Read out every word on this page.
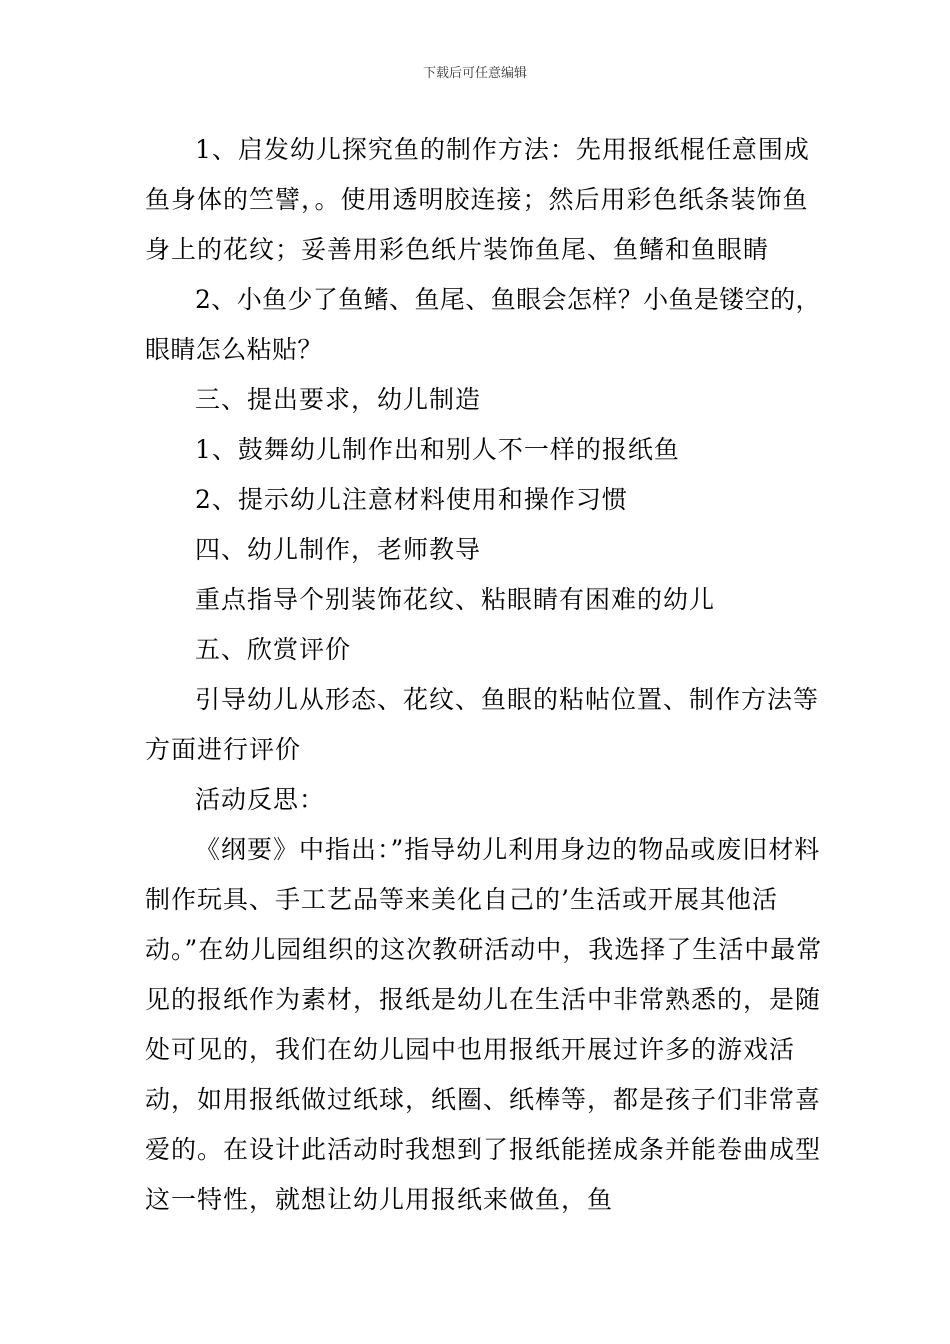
下载后可任意编辑

1、启发幼儿探究鱼的制作方法：先用报纸棍任意围成鱼身体的竺譬，。使用透明胶连接；然后用彩色纸条装饰鱼身上的花纹；妥善用彩色纸片装饰鱼尾、鱼鳍和鱼眼睛

2、小鱼少了鱼鳍、鱼尾、鱼眼会怎样？小鱼是镂空的，眼睛怎么粘贴？

三、提出要求，幼儿制造

1、鼓舞幼儿制作出和别人不一样的报纸鱼

2、提示幼儿注意材料使用和操作习惯

四、幼儿制作，老师教导

重点指导个别装饰花纹、粘眼睛有困难的幼儿

五、欣赏评价

引导幼儿从形态、花纹、鱼眼的粘帖位置、制作方法等方面进行评价

活动反思：

《纲要》中指出：”指导幼儿利用身边的物品或废旧材料制作玩具、手工艺品等来美化自己的’生活或开展其他活动。”在幼儿园组织的这次教研活动中，我选择了生活中最常见的报纸作为素材，报纸是幼儿在生活中非常熟悉的，是随处可见的，我们在幼儿园中也用报纸开展过许多的游戏活动，如用报纸做过纸球，纸圈、纸棒等，都是孩子们非常喜爱的。在设计此活动时我想到了报纸能搓成条并能卷曲成型这一特性，就想让幼儿用报纸来做鱼，鱼
